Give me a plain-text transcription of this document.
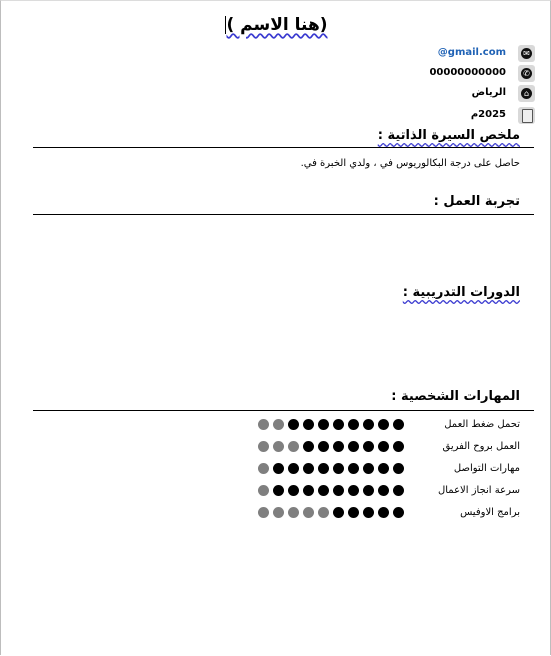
(هنا الاسم )
@gmail.com ✉
00000000000 ✆
الرياض	⌂
2025م
ملخص السيرة الذاتية :
حاصل على درجة البكالوريوس في ، ولدي الخبرة في.
تجربة العمل :
الدورات التدريبية :
المهارات الشخصية :
تحمل ضغط العمل
العمل بروح الفريق
مهارات التواصل
سرعة انجاز الاعمال
برامج الاوفيس
